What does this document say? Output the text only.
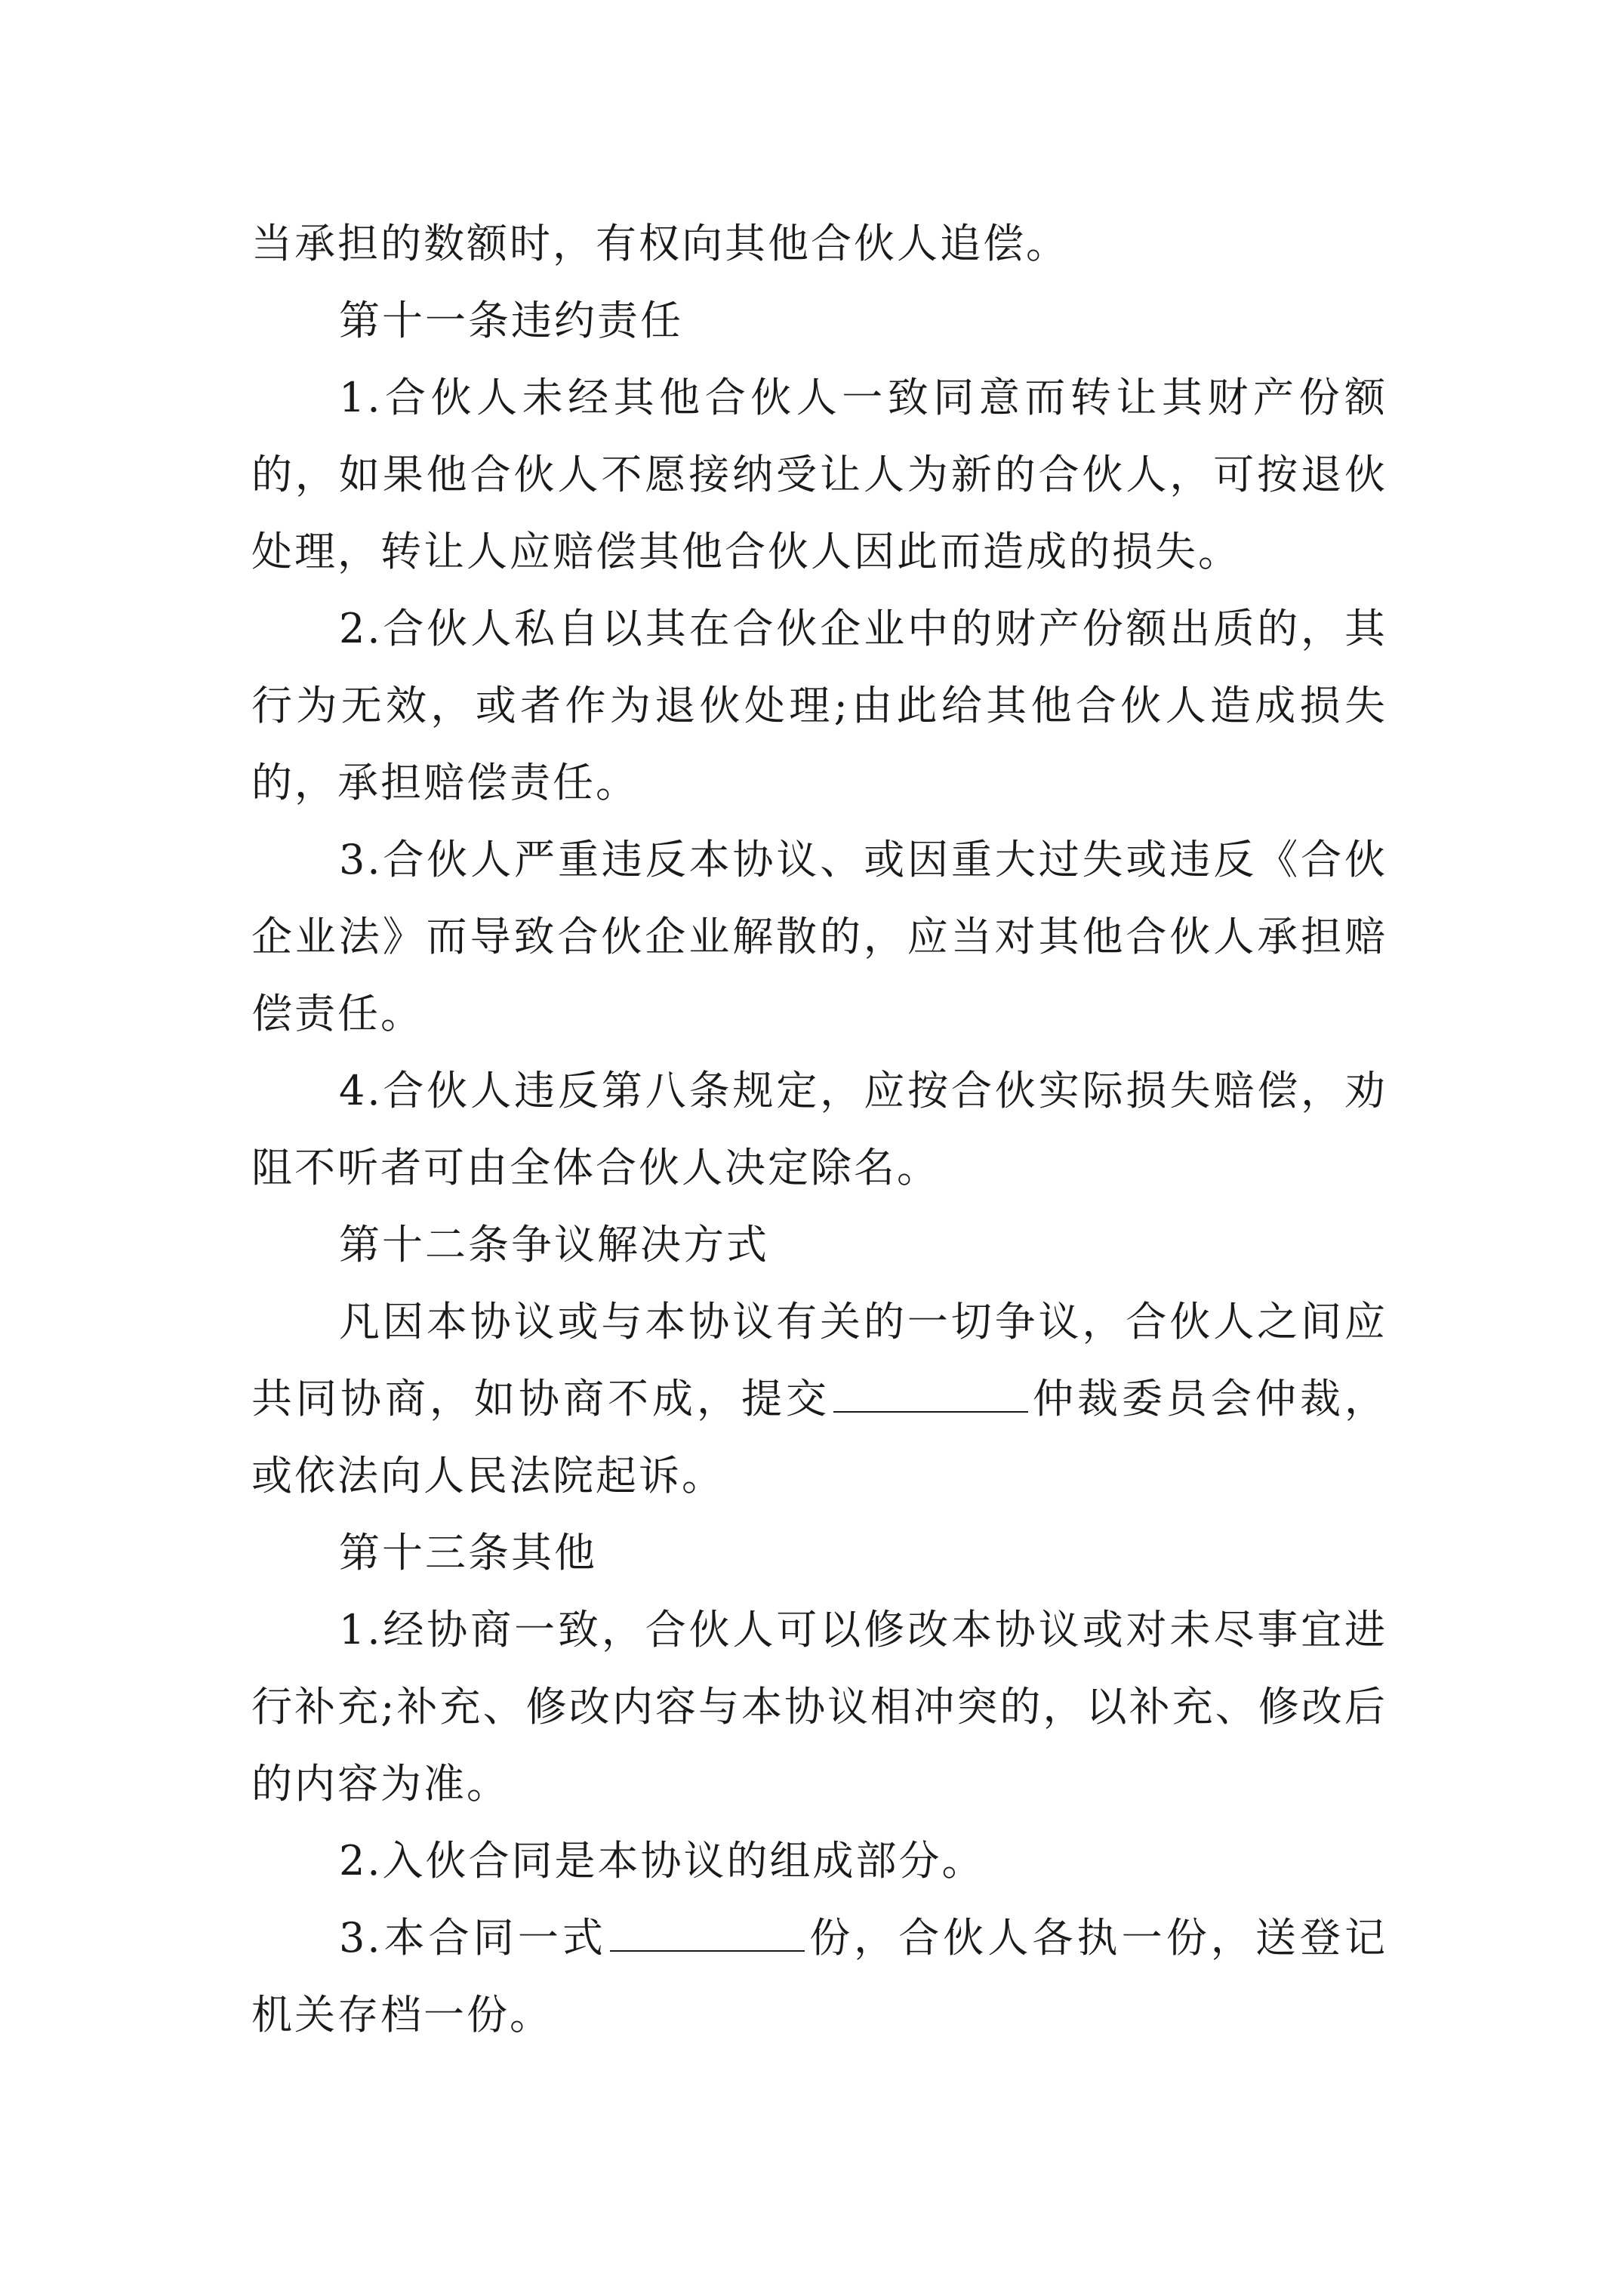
当承担的数额时，有权向其他合伙人追偿。

第十一条违约责任

1.合伙人未经其他合伙人一致同意而转让其财产份额的，如果他合伙人不愿接纳受让人为新的合伙人，可按退伙处理，转让人应赔偿其他合伙人因此而造成的损失。

2.合伙人私自以其在合伙企业中的财产份额出质的，其行为无效，或者作为退伙处理;由此给其他合伙人造成损失的，承担赔偿责任。

3.合伙人严重违反本协议、或因重大过失或违反《合伙企业法》而导致合伙企业解散的，应当对其他合伙人承担赔偿责任。

4.合伙人违反第八条规定，应按合伙实际损失赔偿，劝阻不听者可由全体合伙人决定除名。

第十二条争议解决方式

凡因本协议或与本协议有关的一切争议，合伙人之间应共同协商，如协商不成，提交	仲裁委员会仲裁，或依法向人民法院起诉。

第十三条其他

1.经协商一致，合伙人可以修改本协议或对未尽事宜进行补充;补充、修改内容与本协议相冲突的，以补充、修改后的内容为准。

2.入伙合同是本协议的组成部分。

3.本合同一式	份，合伙人各执一份，送登记机关存档一份。
